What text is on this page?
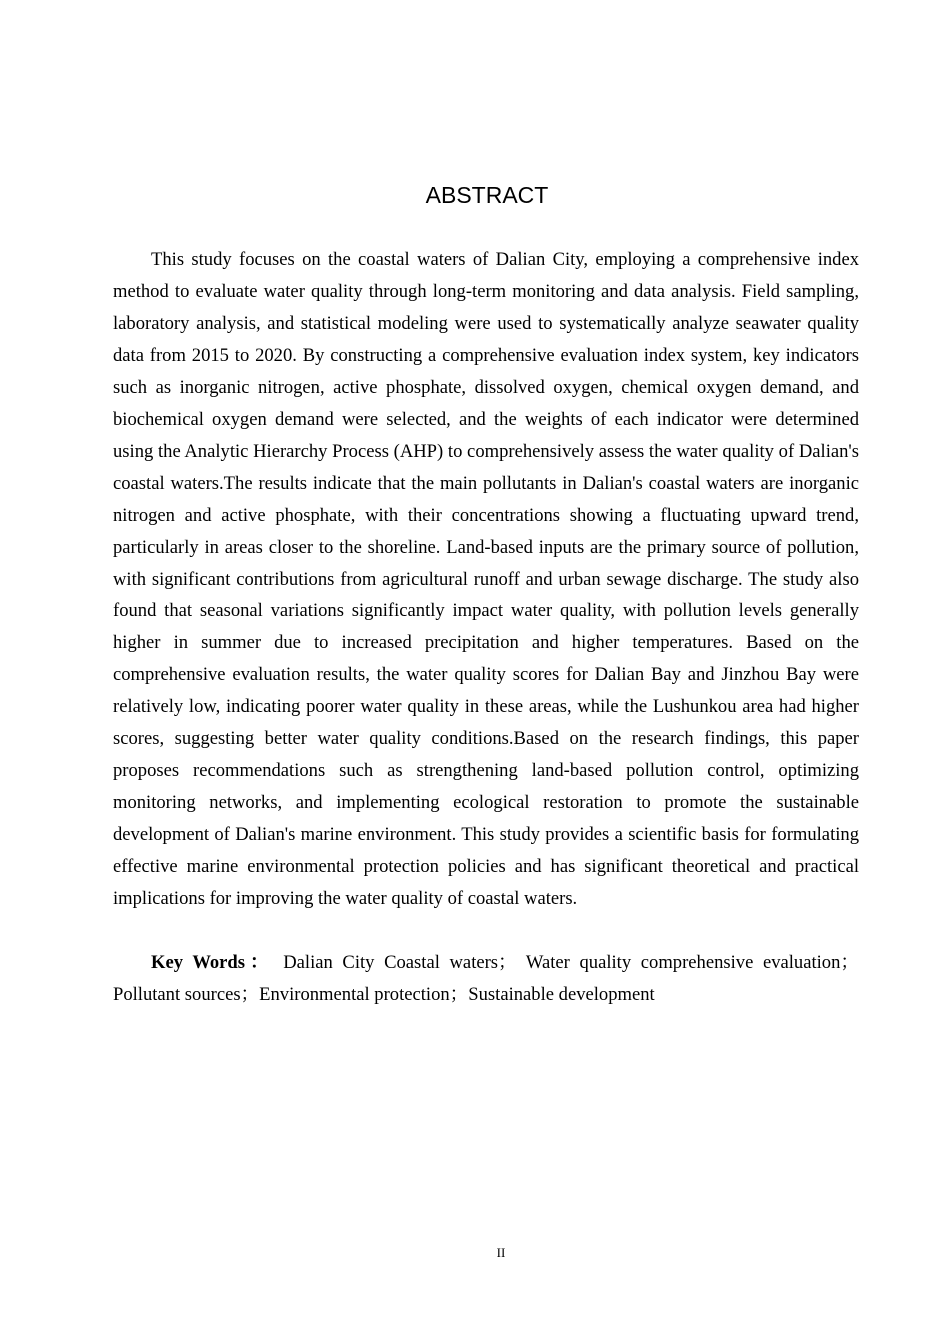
ABSTRACT

This study focuses on the coastal waters of Dalian City, employing a comprehensive index method to evaluate water quality through long-term monitoring and data analysis. Field sampling, laboratory analysis, and statistical modeling were used to systematically analyze seawater quality data from 2015 to 2020. By constructing a comprehensive evaluation index system, key indicators such as inorganic nitrogen, active phosphate, dissolved oxygen, chemical oxygen demand, and biochemical oxygen demand were selected, and the weights of each indicator were determined using the Analytic Hierarchy Process (AHP) to comprehensively assess the water quality of Dalian's coastal waters.The results indicate that the main pollutants in Dalian's coastal waters are inorganic nitrogen and active phosphate, with their concentrations showing a fluctuating upward trend, particularly in areas closer to the shoreline. Land-based inputs are the primary source of pollution, with significant contributions from agricultural runoff and urban sewage discharge. The study also found that seasonal variations significantly impact water quality, with pollution levels generally higher in summer due to increased precipitation and higher temperatures. Based on the comprehensive evaluation results, the water quality scores for Dalian Bay and Jinzhou Bay were relatively low, indicating poorer water quality in these areas, while the Lushunkou area had higher scores, suggesting better water quality conditions.Based on the research findings, this paper proposes recommendations such as strengthening land-based pollution control, optimizing monitoring networks, and implementing ecological restoration to promote the sustainable development of Dalian's marine environment. This study provides a scientific basis for formulating effective marine environmental protection policies and has significant theoretical and practical implications for improving the water quality of coastal waters.

Key Words： Dalian City Coastal waters； Water quality comprehensive evaluation；Pollutant sources；Environmental protection；Sustainable development

II
